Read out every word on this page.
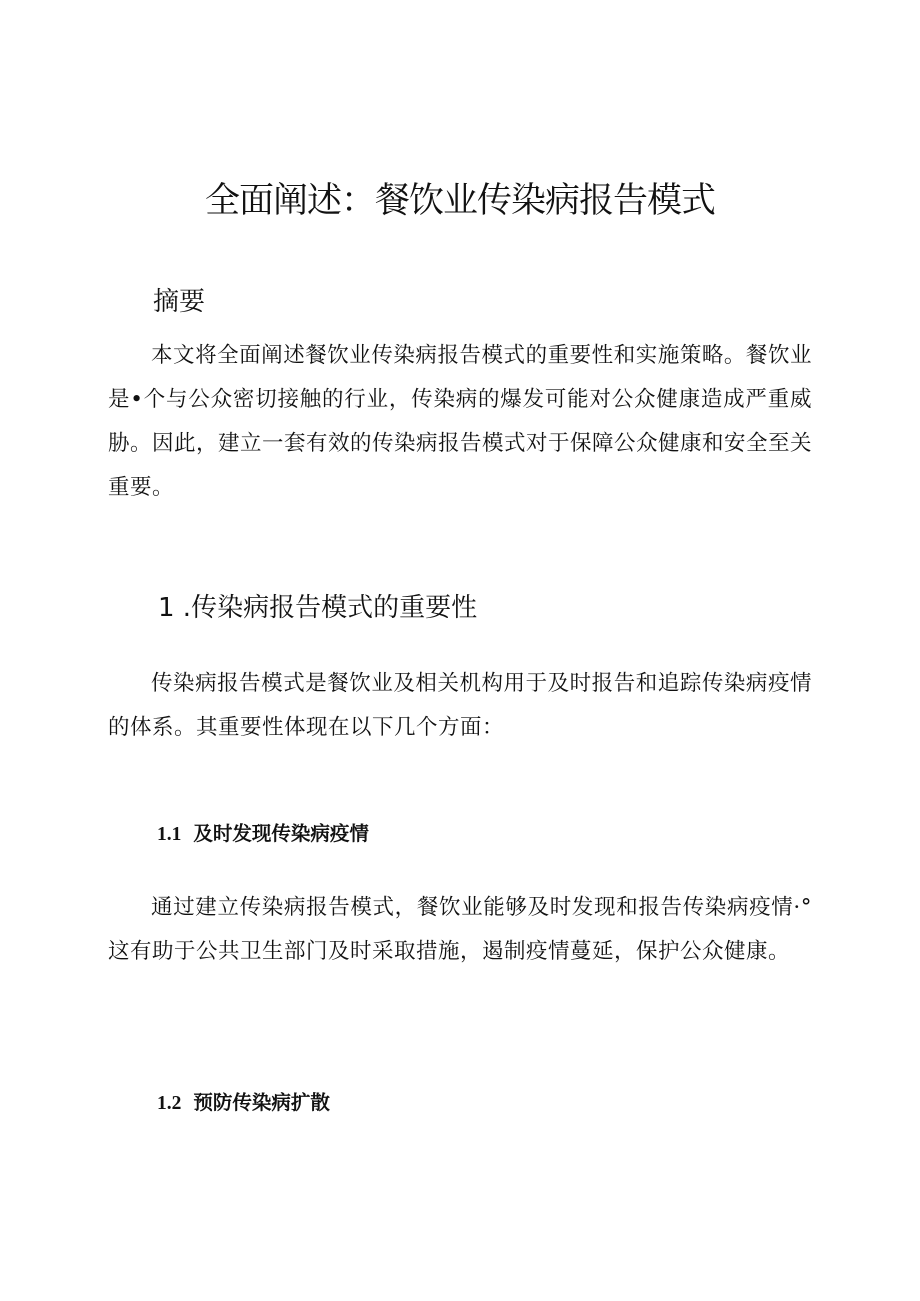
全面阐述：餐饮业传染病报告模式
摘要

本文将全面阐述餐饮业传染病报告模式的重要性和实施策略。餐饮业是•个与公众密切接触的行业，传染病的爆发可能对公众健康造成严重威胁。因此，建立一套有效的传染病报告模式对于保障公众健康和安全至关重要。

1 .传染病报告模式的重要性

传染病报告模式是餐饮业及相关机构用于及时报告和追踪传染病疫情的体系。其重要性体现在以下几个方面：

1.1 及时发现传染病疫情

通过建立传染病报告模式，餐饮业能够及时发现和报告传染病疫情·°这有助于公共卫生部门及时采取措施，遏制疫情蔓延，保护公众健康。

1.2 预防传染病扩散
